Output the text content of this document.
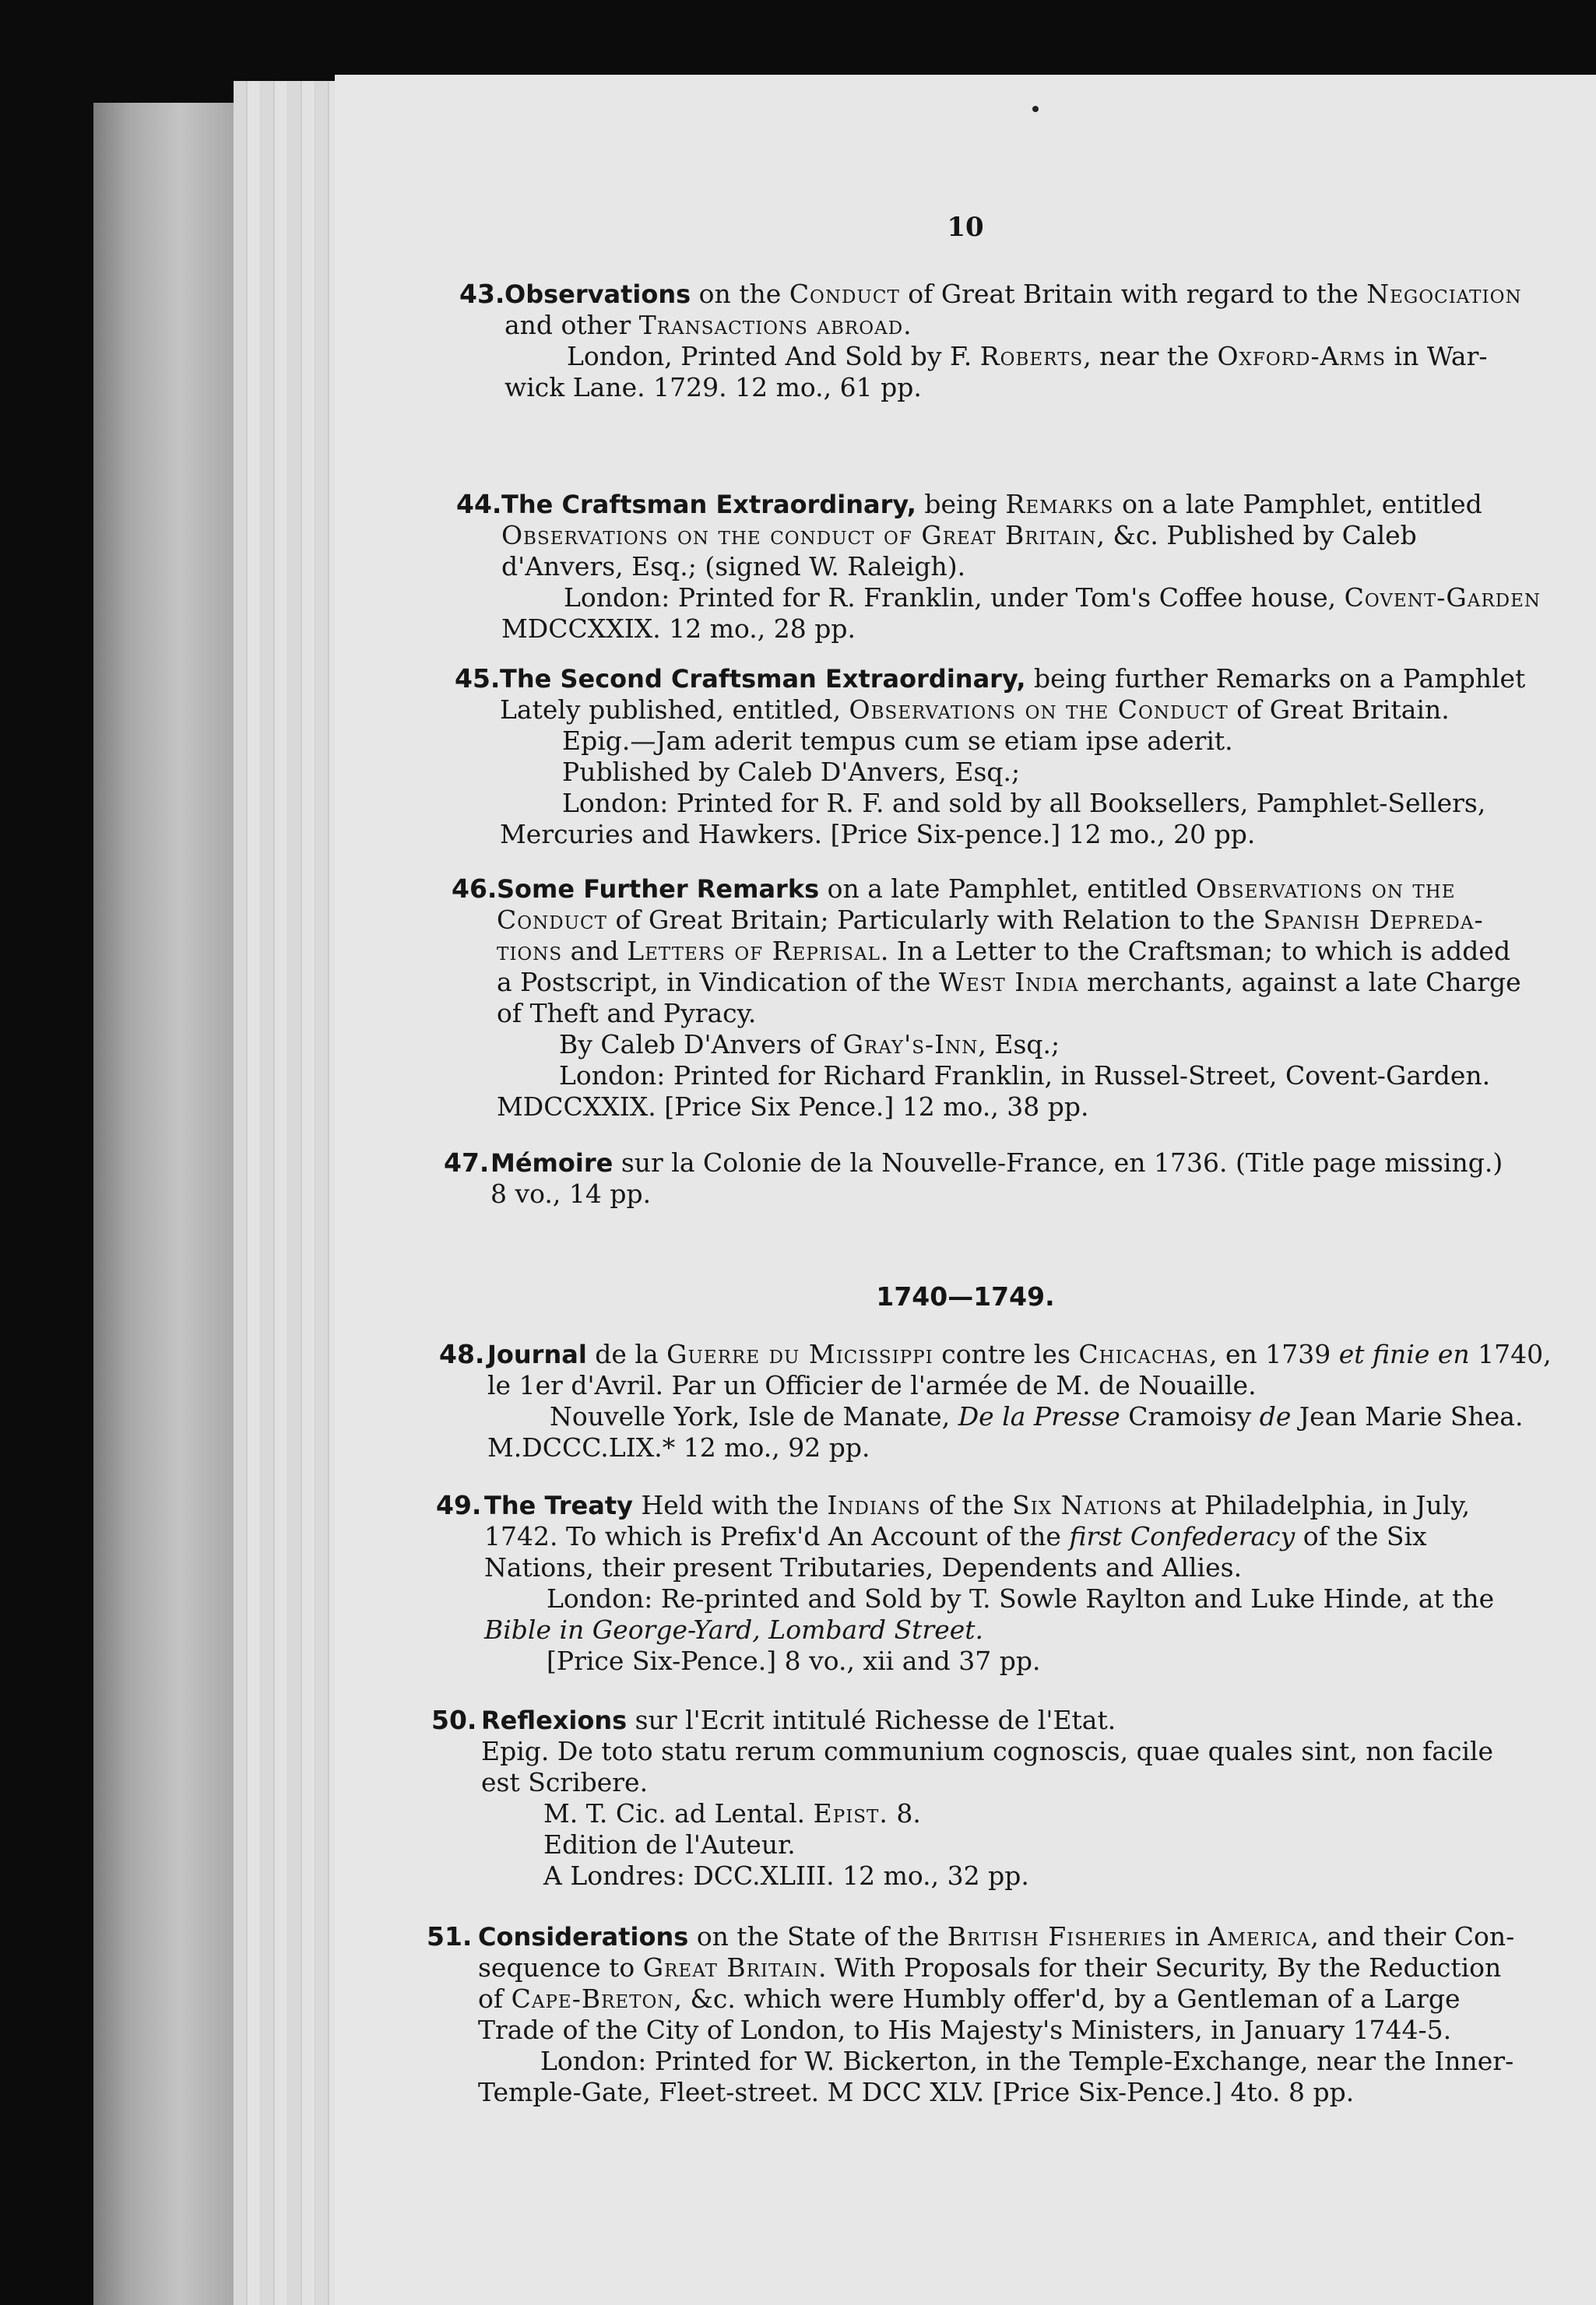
10
1740—1749.
43. Observations on the Conduct of Great Britain with regard to the Negociation
and other Transactions abroad.
London, Printed And Sold by F. Roberts, near the Oxford-Arms in War-
wick Lane. 1729. 12 mo., 61 pp.
44. The Craftsman Extraordinary, being Remarks on a late Pamphlet, entitled
Observations on the conduct of Great Britain, &c. Published by Caleb
d'Anvers, Esq.; (signed W. Raleigh).
London: Printed for R. Franklin, under Tom's Coffee house, Covent-Garden
MDCCXXIX. 12 mo., 28 pp.
45. The Second Craftsman Extraordinary, being further Remarks on a Pamphlet
Lately published, entitled, Observations on the Conduct of Great Britain.
Epig.—Jam aderit tempus cum se etiam ipse aderit.
Published by Caleb D'Anvers, Esq.;
London: Printed for R. F. and sold by all Booksellers, Pamphlet-Sellers,
Mercuries and Hawkers. [Price Six-pence.] 12 mo., 20 pp.
46. Some Further Remarks on a late Pamphlet, entitled Observations on the
Conduct of Great Britain; Particularly with Relation to the Spanish Depreda-
tions and Letters of Reprisal. In a Letter to the Craftsman; to which is added
a Postscript, in Vindication of the West India merchants, against a late Charge
of Theft and Pyracy.
By Caleb D'Anvers of Gray's-Inn, Esq.;
London: Printed for Richard Franklin, in Russel-Street, Covent-Garden.
MDCCXXIX. [Price Six Pence.] 12 mo., 38 pp.
47. Mémoire sur la Colonie de la Nouvelle-France, en 1736. (Title page missing.)
8 vo., 14 pp.
48. Journal de la Guerre du Micissippi contre les Chicachas, en 1739 et finie en 1740,
le 1er d'Avril. Par un Officier de l'armée de M. de Nouaille.
Nouvelle York, Isle de Manate, De la Presse Cramoisy de Jean Marie Shea.
M.DCCC.LIX.* 12 mo., 92 pp.
49. The Treaty Held with the Indians of the Six Nations at Philadelphia, in July,
1742. To which is Prefix'd An Account of the first Confederacy of the Six
Nations, their present Tributaries, Dependents and Allies.
London: Re-printed and Sold by T. Sowle Raylton and Luke Hinde, at the
Bible in George-Yard, Lombard Street.
[Price Six-Pence.] 8 vo., xii and 37 pp.
50. Reflexions sur l'Ecrit intitulé Richesse de l'Etat.
Epig. De toto statu rerum communium cognoscis, quae quales sint, non facile
est Scribere.
M. T. Cic. ad Lental. Epist. 8.
Edition de l'Auteur.
A Londres: DCC.XLIII. 12 mo., 32 pp.
51. Considerations on the State of the British Fisheries in America, and their Con-
sequence to Great Britain. With Proposals for their Security, By the Reduction
of Cape-Breton, &c. which were Humbly offer'd, by a Gentleman of a Large
Trade of the City of London, to His Majesty's Ministers, in January 1744-5.
London: Printed for W. Bickerton, in the Temple-Exchange, near the Inner-
Temple-Gate, Fleet-street. M DCC XLV. [Price Six-Pence.] 4to. 8 pp.
